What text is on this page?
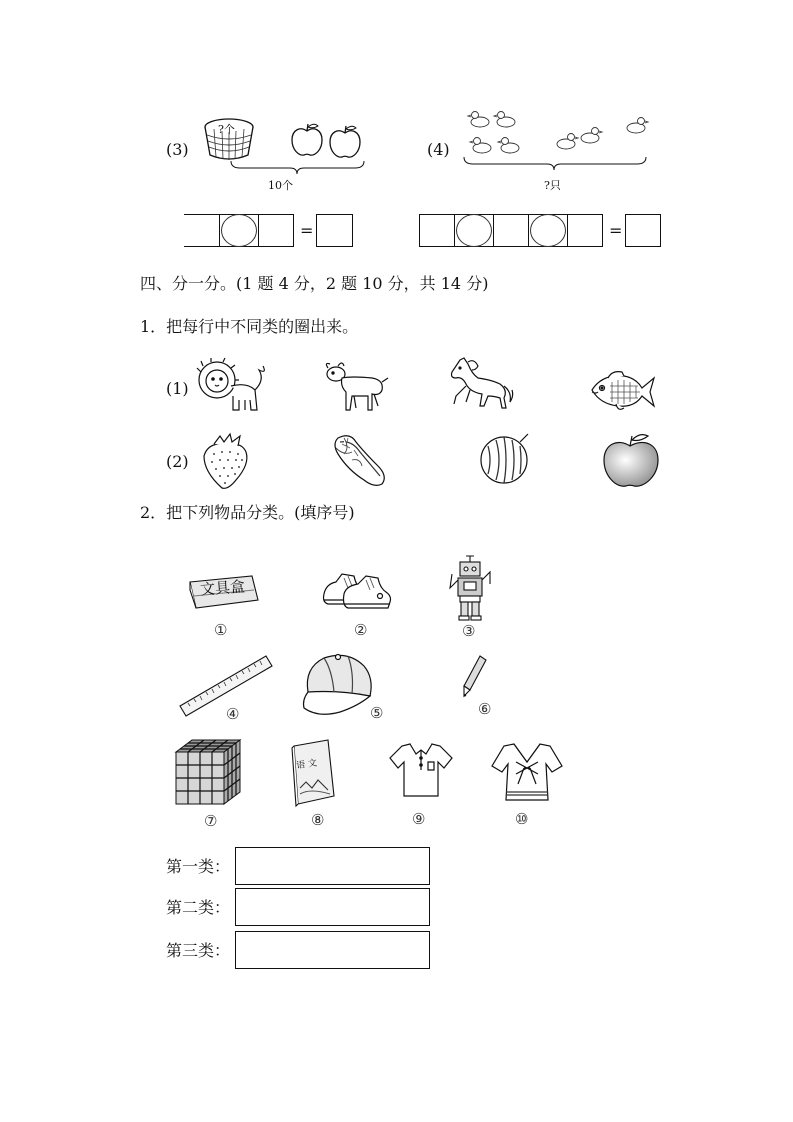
(3)
?个
10个
(4)
?只
=	=
四、分一分。(1 题 4 分，2 题 10 分，共 14 分)
1．把每行中不同类的圈出来。
(1)
(2)
2．把下列物品分类。(填序号)
文具盒
①	②	③
④	⑤	⑥
⑦
语 文
⑧	⑨	⑩
第一类：
第二类：
第三类：
